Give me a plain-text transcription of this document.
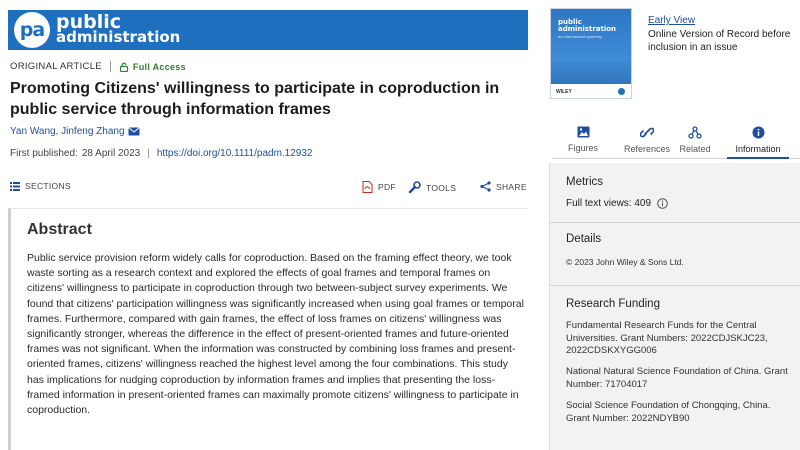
pa public
administration
ORIGINAL ARTICLE	Full Access
Promoting Citizens' willingness to participate in coproduction in public service through information frames
Yan Wang, Jinfeng Zhang
First published: 28 April 2023 | https://doi.org/10.1111/padm.12932
SECTIONS	PDF	TOOLS	SHARE
Abstract

Public service provision reform widely calls for coproduction. Based on the framing effect theory, we took waste sorting as a research context and explored the effects of goal frames and temporal frames on citizens' willingness to participate in coproduction through two between-subject survey experiments. We found that citizens' participation willingness was significantly increased when using goal frames or temporal frames. Furthermore, compared with gain frames, the effect of loss frames on citizens' willingness was significantly stronger, whereas the difference in the effect of present-oriented frames and future-oriented frames was not significant. When the information was constructed by combining loss frames and present-oriented frames, citizens' willingness reached the highest level among the four combinations. This study has implications for nudging coproduction by information frames and implies that presenting the loss-framed information in present-oriented frames can maximally promote citizens' willingness to participate in coproduction.

public
administration
an international quarterly
WILEY
Early View
Online Version of Record before inclusion in an issue
Figures	References	Related	Information
Metrics
Full text views: 409
Details
© 2023 John Wiley & Sons Ltd.
Research Funding
Fundamental Research Funds for the Central Universities. Grant Numbers: 2022CDJSKJC23, 2022CDSKXYGG006
National Natural Science Foundation of China. Grant Number: 71704017
Social Science Foundation of Chongqing, China. Grant Number: 2022NDYB90
